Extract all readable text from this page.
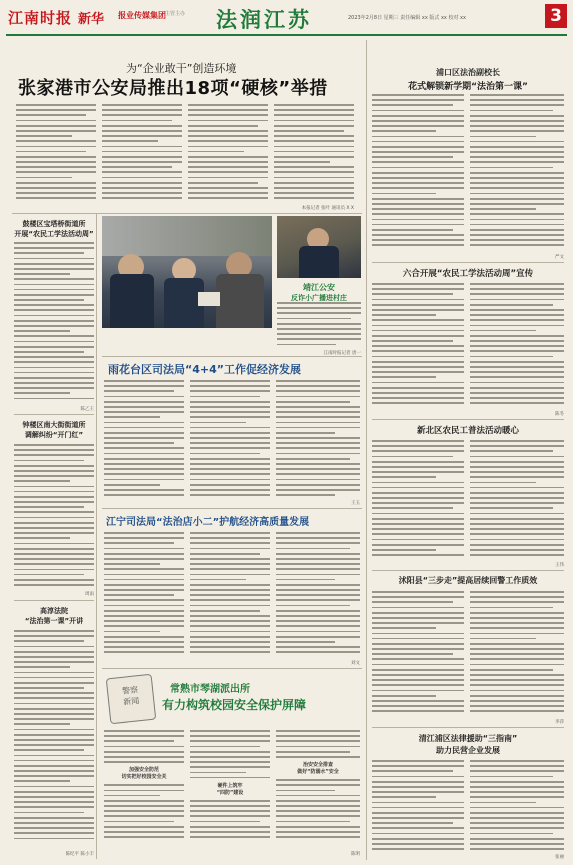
江南时报 新华 报业传媒集团 主管主办 法润江苏	2023年2月8日 星期三 责任编辑 xx 版式 xx 校对 xx	3
为“企业敢干”创造环境
张家港市公安局推出18项“硬核”举措
本报记者 张叶 通讯员 X X
鼓楼区宝塔桥街道所
开展“农民工学法活动周”
陈乙王
钟楼区南大街街道所
调解纠纷“开门红”
周雨
高淳法院
“法治第一课”开讲
陈纪平 陈小丰
靖江公安
反诈小广播进村庄
江南时报记者 唐一
雨花台区司法局“4+4”工作促经济发展
王玉
江宁司法局“法治店小二”护航经济高质量发展
刘文
警察
新闻
常熟市琴湖派出所
有力构筑校园安全保护屏障
加强安全防范
切实把好校园安全关
硬件上筑牢
“四防”建设
治安安全排查
做好“防溺水”安全
陈明
浦口区法治副校长
花式解锁新学期“法治第一课”
严文
六合开展“农民工学法活动周”宣传
陈冬
新北区农民工普法活动暖心
王伟
沭阳县“三步走”提高居续回警工作质效
李萍
清江浦区法律援助“三指南”
助力民营企业发展
张丽
